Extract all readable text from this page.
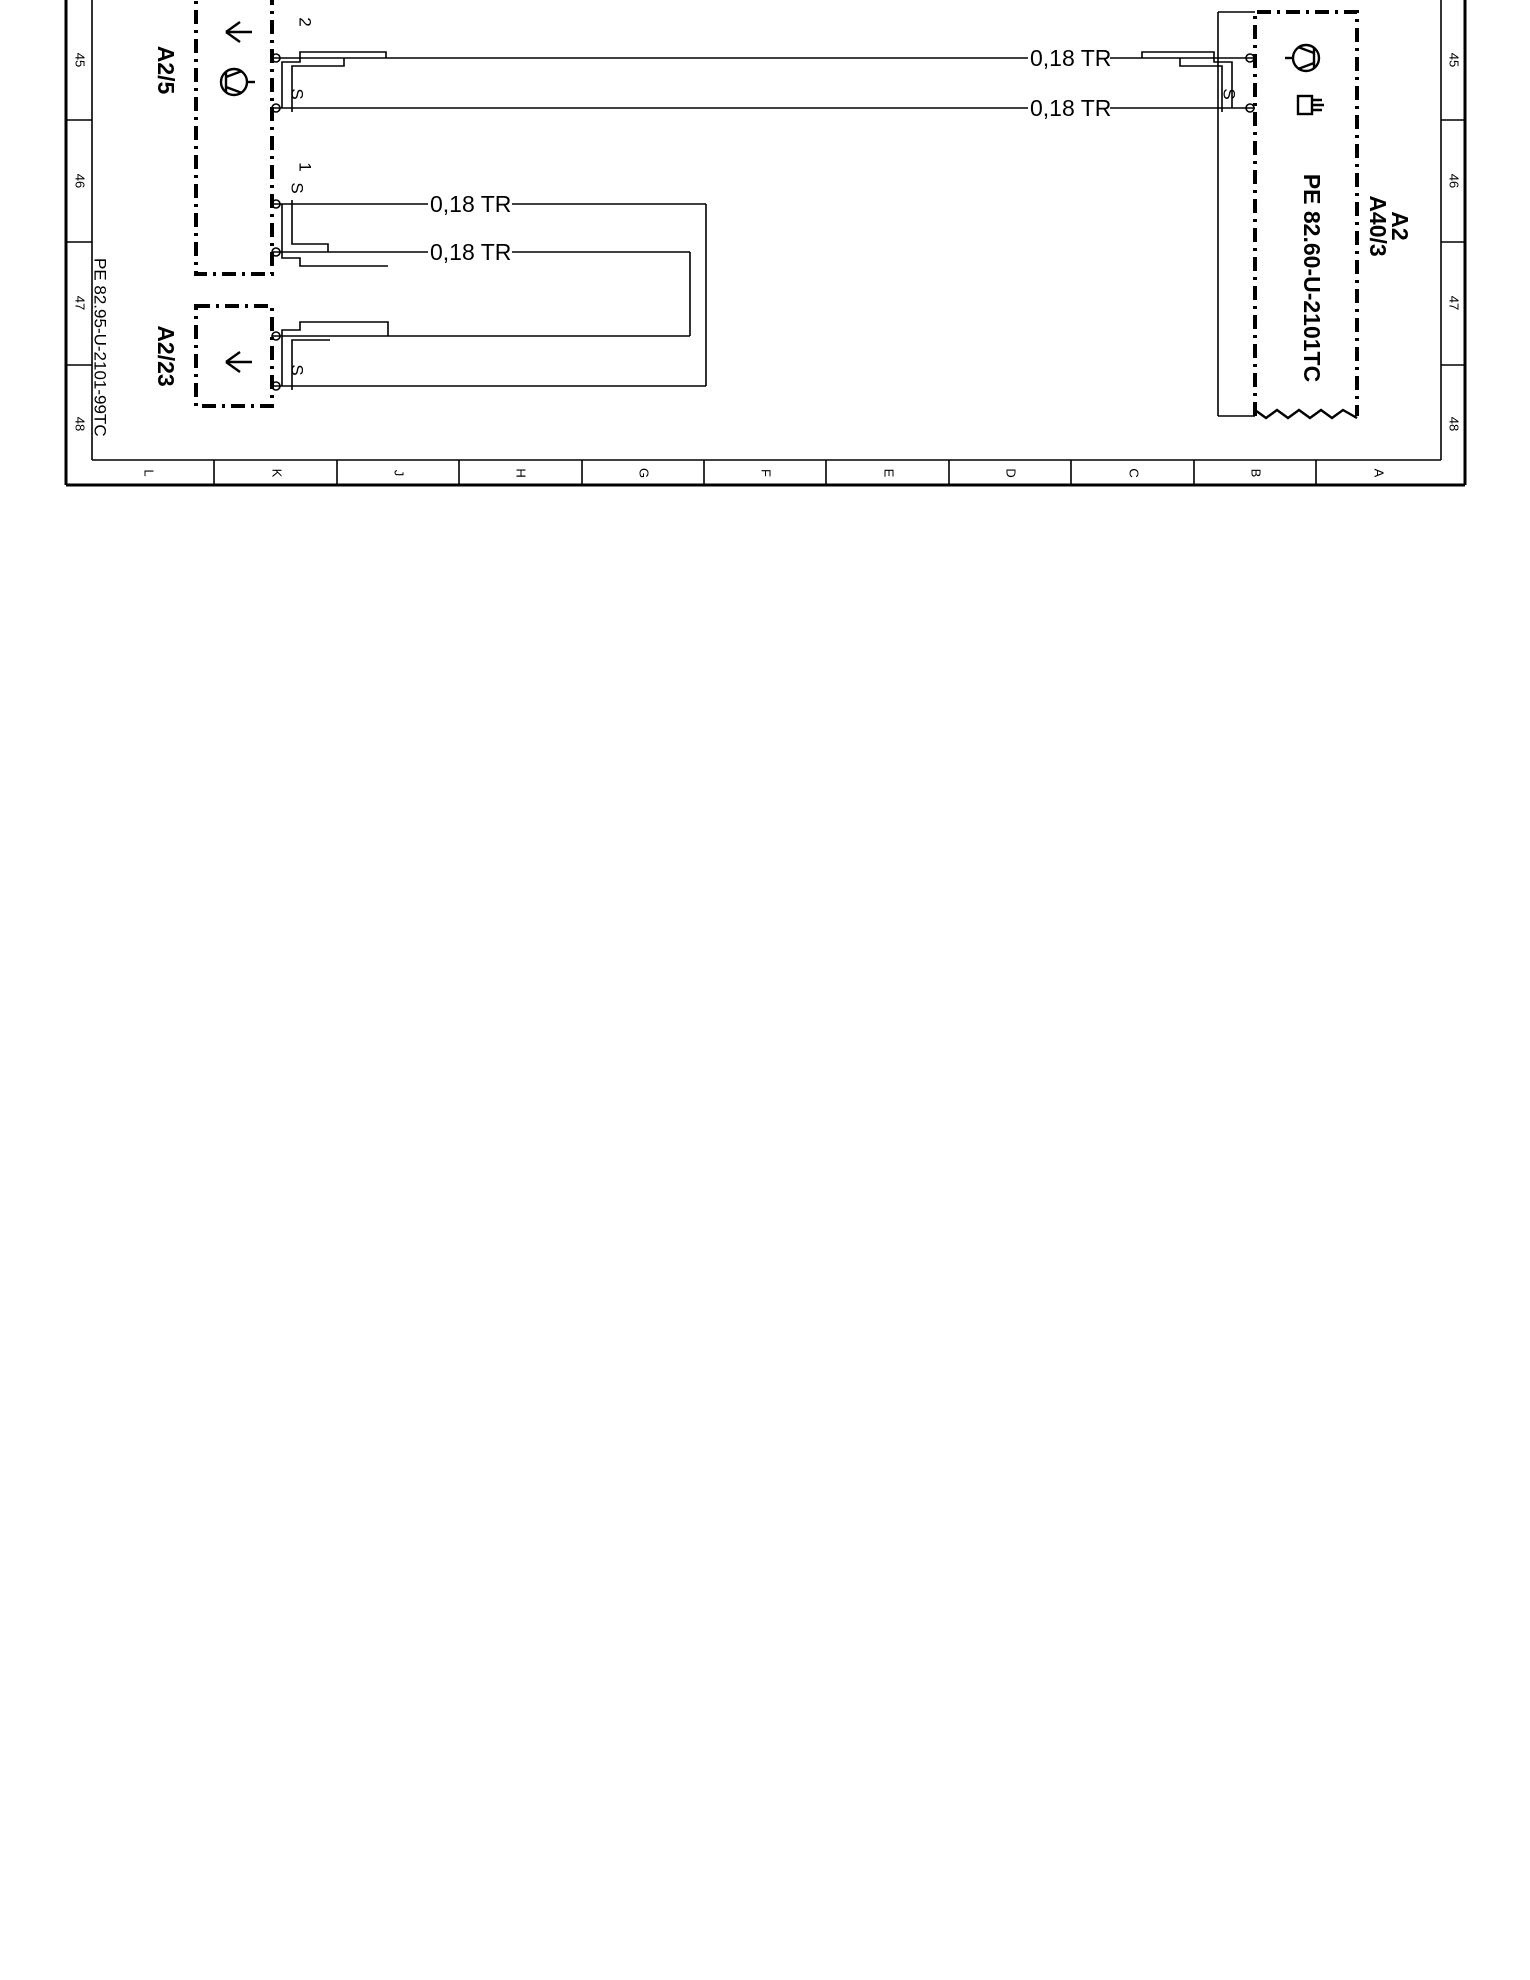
L	K	J	H	G	F	E	D	C	B	A
45
46
47
48
45
46
47
48
PE 82.95-U-2101-99TC
A2/5
2
1
S
S
A2/23	S
A2
A40/3
PE 82.60-U-2101TC
S
0,18 TR
0,18 TR
0,18 TR
0,18 TR
